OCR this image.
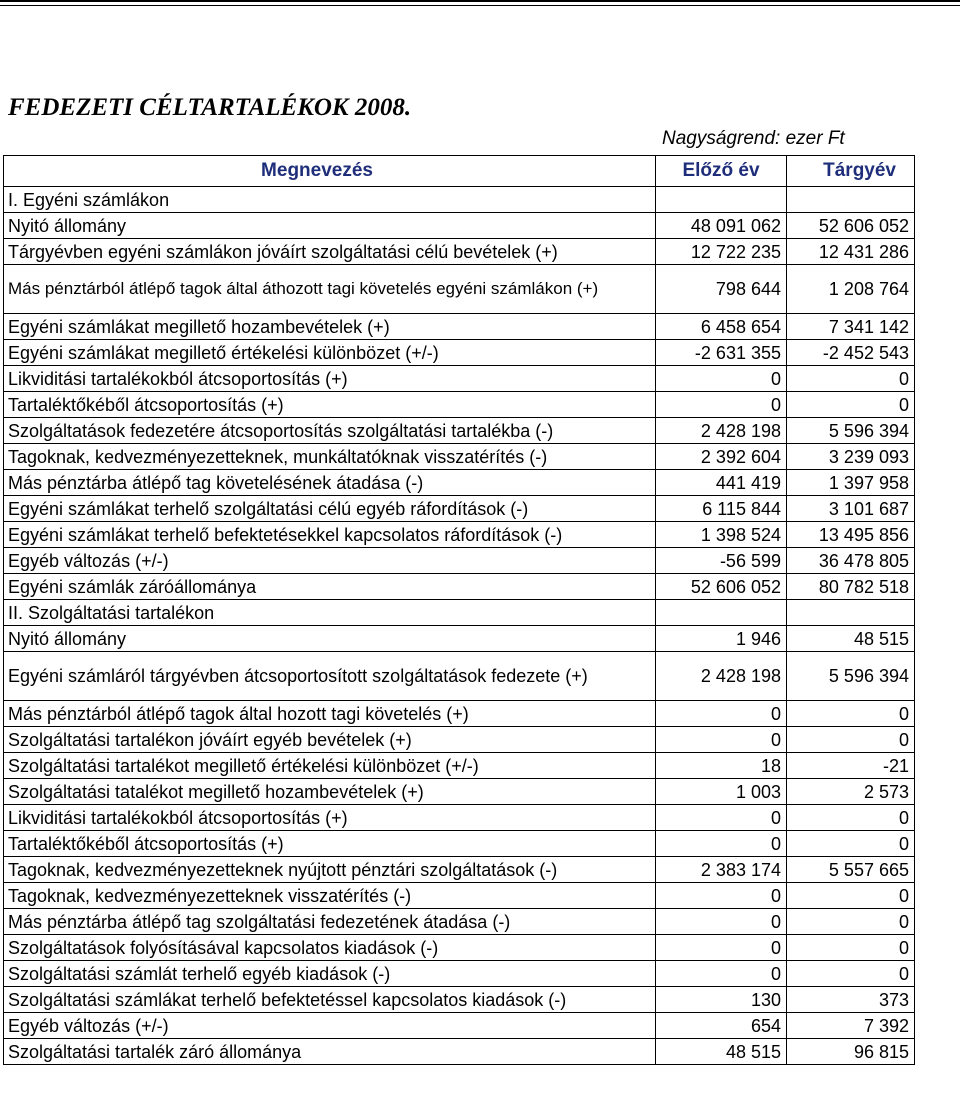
FEDEZETI CÉLTARTALÉKOK 2008.
Nagyságrend: ezer Ft
Megnevezés	Előző év	Tárgyév
I. Egyéni számlákon		
Nyitó állomány	48 091 062	52 606 052
Tárgyévben egyéni számlákon jóváírt szolgáltatási célú bevételek (+)	12 722 235	12 431 286
Más pénztárból átlépő tagok által áthozott tagi követelés egyéni számlákon (+)	798 644	1 208 764
Egyéni számlákat megillető hozambevételek (+)	6 458 654	7 341 142
Egyéni számlákat megillető értékelési különbözet (+/-)	-2 631 355	-2 452 543
Likviditási tartalékokból átcsoportosítás (+)	0	0
Tartaléktőkéből átcsoportosítás (+)	0	0
Szolgáltatások fedezetére átcsoportosítás szolgáltatási tartalékba (-)	2 428 198	5 596 394
Tagoknak, kedvezményezetteknek, munkáltatóknak visszatérítés (-)	2 392 604	3 239 093
Más pénztárba átlépő tag követelésének átadása (-)	441 419	1 397 958
Egyéni számlákat terhelő szolgáltatási célú egyéb ráfordítások (-)	6 115 844	3 101 687
Egyéni számlákat terhelő befektetésekkel kapcsolatos ráfordítások (-)	1 398 524	13 495 856
Egyéb változás (+/-)	-56 599	36 478 805
Egyéni számlák záróállománya	52 606 052	80 782 518
II. Szolgáltatási tartalékon		
Nyitó állomány	1 946	48 515
Egyéni számláról tárgyévben átcsoportosított szolgáltatások fedezete (+)	2 428 198	5 596 394
Más pénztárból átlépő tagok által hozott tagi követelés (+)	0	0
Szolgáltatási tartalékon jóváírt egyéb bevételek (+)	0	0
Szolgáltatási tartalékot megillető értékelési különbözet (+/-)	18	-21
Szolgáltatási tatalékot megillető hozambevételek (+)	1 003	2 573
Likviditási tartalékokból átcsoportosítás (+)	0	0
Tartaléktőkéből átcsoportosítás (+)	0	0
Tagoknak, kedvezményezetteknek nyújtott pénztári szolgáltatások (-)	2 383 174	5 557 665
Tagoknak, kedvezményezetteknek visszatérítés (-)	0	0
Más pénztárba átlépő tag szolgáltatási fedezetének átadása (-)	0	0
Szolgáltatások folyósításával kapcsolatos kiadások (-)	0	0
Szolgáltatási számlát terhelő egyéb kiadások (-)	0	0
Szolgáltatási számlákat terhelő befektetéssel kapcsolatos kiadások (-)	130	373
Egyéb változás (+/-)	654	7 392
Szolgáltatási tartalék záró állománya	48 515	96 815
